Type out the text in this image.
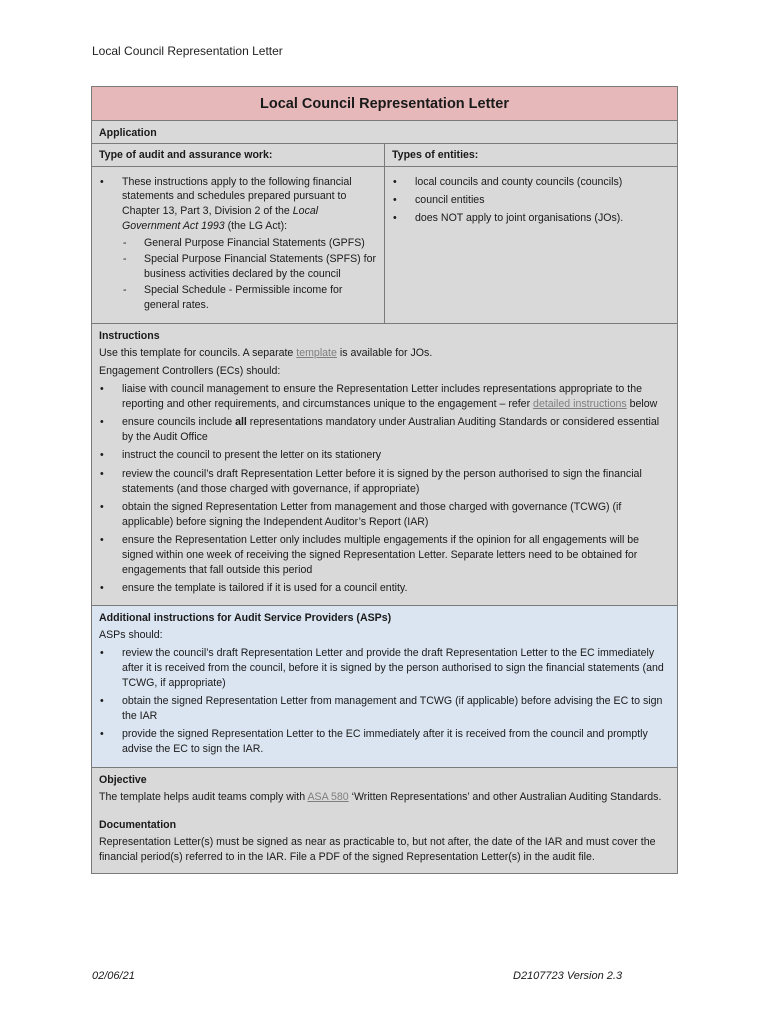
Local Council Representation Letter
Local Council Representation Letter
Application
Type of audit and assurance work:
• These instructions apply to the following financial statements and schedules prepared pursuant to Chapter 13, Part 3, Division 2 of the Local Government Act 1993 (the LG Act):
- General Purpose Financial Statements (GPFS)
- Special Purpose Financial Statements (SPFS) for business activities declared by the council
- Special Schedule - Permissible income for general rates.
Types of entities:
• local councils and county councils (councils)
• council entities
• does NOT apply to joint organisations (JOs).
Instructions

Use this template for councils. A separate template is available for JOs.

Engagement Controllers (ECs) should:

• liaise with council management to ensure the Representation Letter includes representations appropriate to the reporting and other requirements, and circumstances unique to the engagement – refer detailed instructions below
• ensure councils include all representations mandatory under Australian Auditing Standards or considered essential by the Audit Office
• instruct the council to present the letter on its stationery
• review the council’s draft Representation Letter before it is signed by the person authorised to sign the financial statements (and those charged with governance, if appropriate)
• obtain the signed Representation Letter from management and those charged with governance (TCWG) (if applicable) before signing the Independent Auditor’s Report (IAR)
• ensure the Representation Letter only includes multiple engagements if the opinion for all engagements will be signed within one week of receiving the signed Representation Letter. Separate letters need to be obtained for engagements that fall outside this period
• ensure the template is tailored if it is used for a council entity.
Additional instructions for Audit Service Providers (ASPs)

ASPs should:

• review the council’s draft Representation Letter and provide the draft Representation Letter to the EC immediately after it is received from the council, before it is signed by the person authorised to sign the financial statements (and TCWG, if appropriate)
• obtain the signed Representation Letter from management and TCWG (if applicable) before advising the EC to sign the IAR
• provide the signed Representation Letter to the EC immediately after it is received from the council and promptly advise the EC to sign the IAR.
Objective

The template helps audit teams comply with ASA 580 ‘Written Representations’ and other Australian Auditing Standards.

Documentation

Representation Letter(s) must be signed as near as practicable to, but not after, the date of the IAR and must cover the financial period(s) referred to in the IAR. File a PDF of the signed Representation Letter(s) in the audit file.

02/06/21	D2107723 Version 2.3
